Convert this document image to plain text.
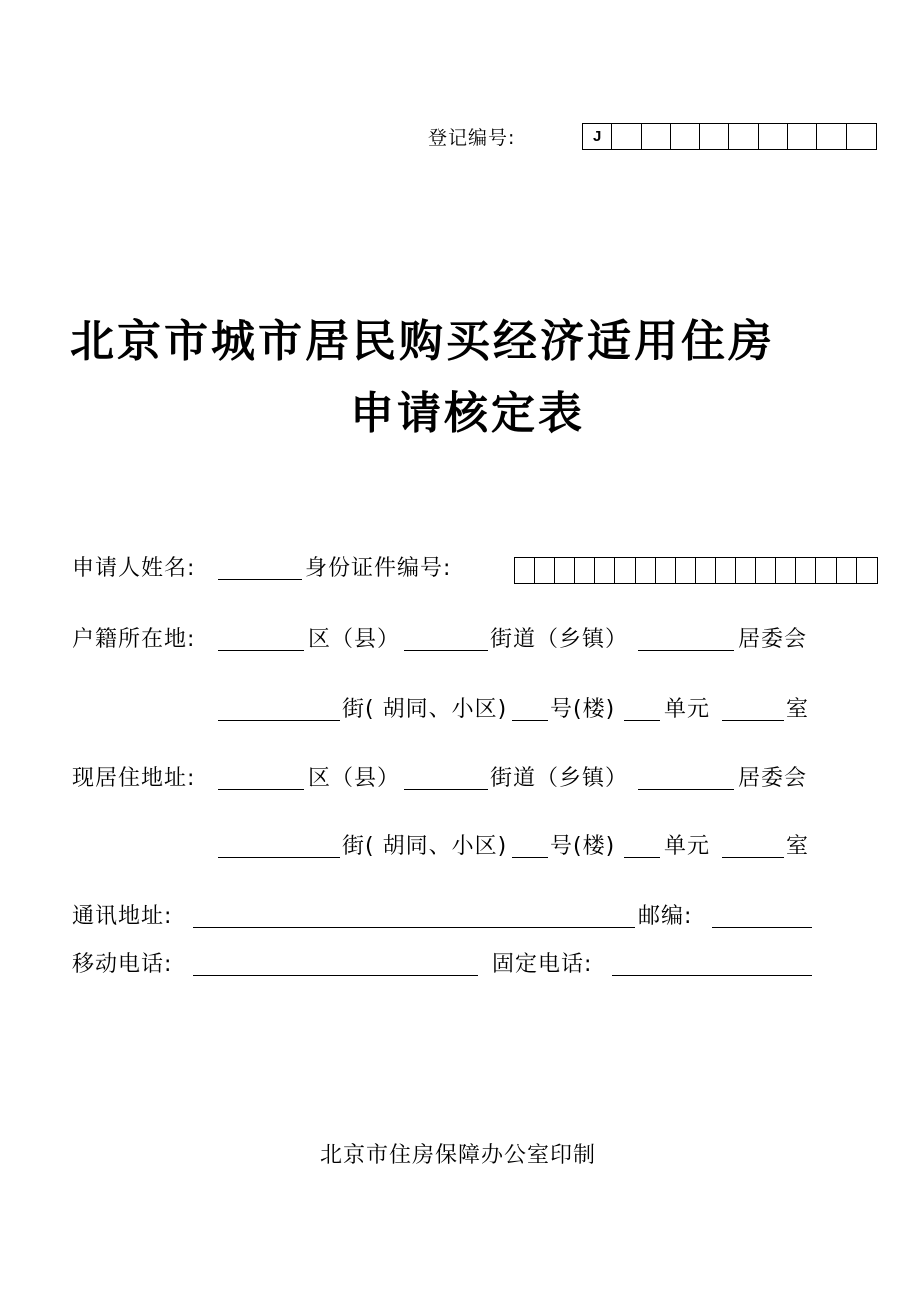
登记编号:	J
北京市城市居民购买经济适用住房
申请核定表
申请人姓名:	身份证件编号:
户籍所在地:	区（县）	街道（乡镇）	居委会
街( 胡同、小区) 号(楼) 单元	室
现居住地址:	区（县）	街道（乡镇）	居委会
街( 胡同、小区) 号(楼) 单元	室
通讯地址:	邮编:
移动电话:	固定电话:
北京市住房保障办公室印制
